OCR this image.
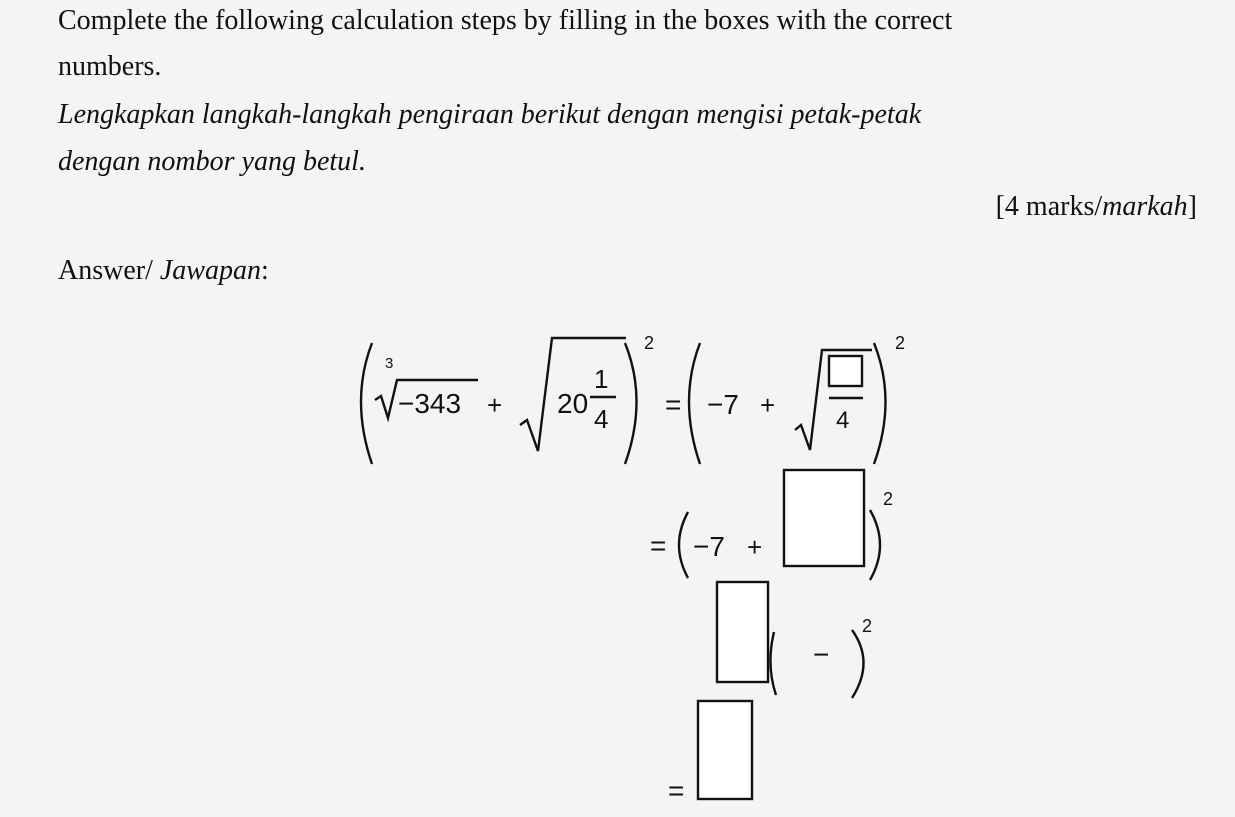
Complete the following calculation steps by filling in the boxes with the correct
numbers.
Lengkapkan langkah-langkah pengiraan berikut dengan mengisi petak-petak
dengan nombor yang betul.
[4 marks/markah]
Answer/ Jawapan:
3
−343 + 20
1
4
2
= −7 +
4
2
= −7 +
2
−
2
=
